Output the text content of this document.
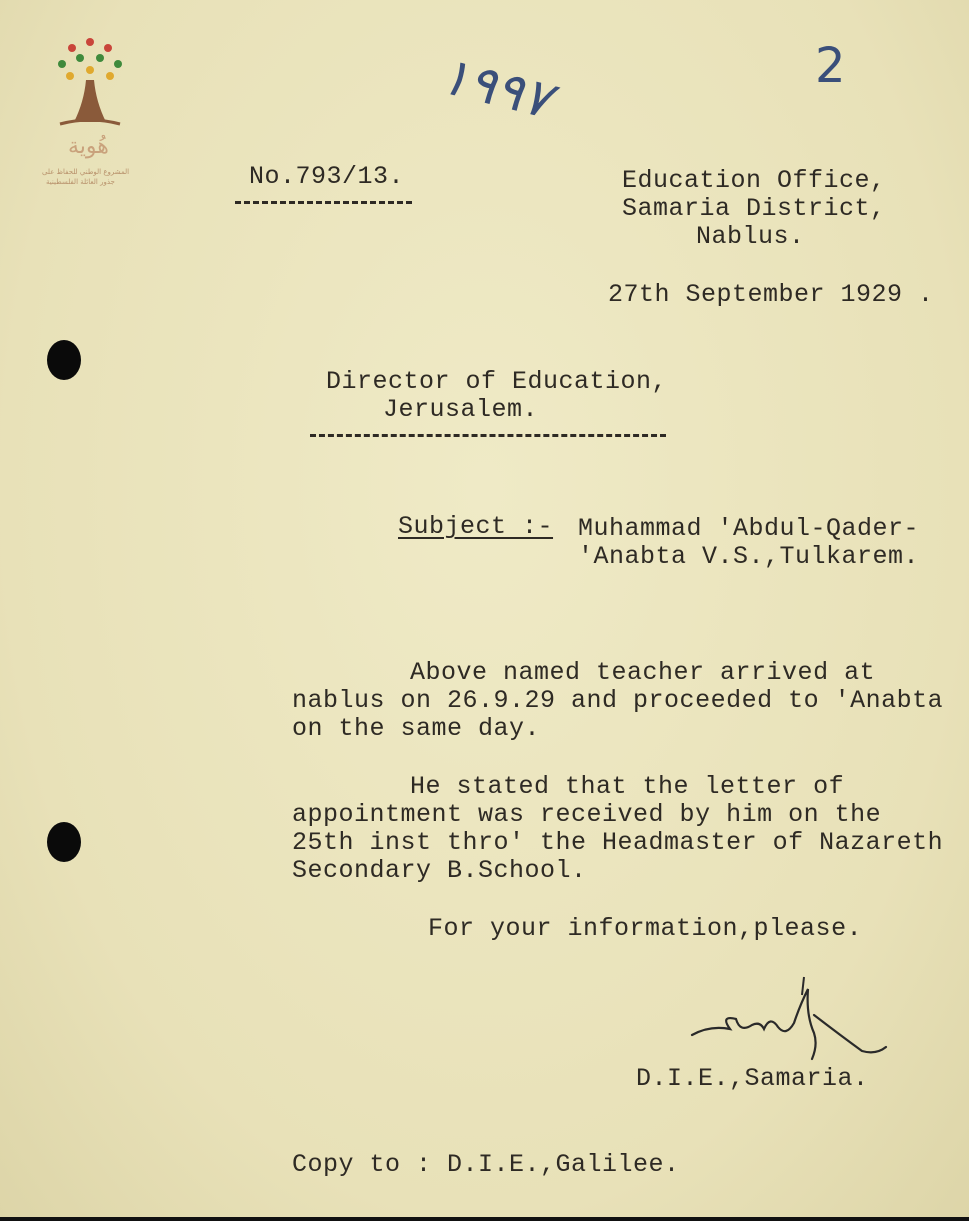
هُوية
المشروع الوطني للحفاظ على
جذور العائلة الفلسطينية
١٩٩٧	2
No.793/13.	Education Office,
Samaria District,
Nablus.
27th September 1929 .
Director of Education,
Jerusalem.
Subject :- Muhammad 'Abdul-Qader-
'Anabta V.S.,Tulkarem.
Above named teacher arrived at
nablus on 26.9.29 and proceeded to 'Anabta
on the same day.
He stated that the letter of
appointment was received by him on the
25th inst thro' the Headmaster of Nazareth
Secondary B.School.
For your information,please.
D.I.E.,Samaria.
Copy to : D.I.E.,Galilee.
